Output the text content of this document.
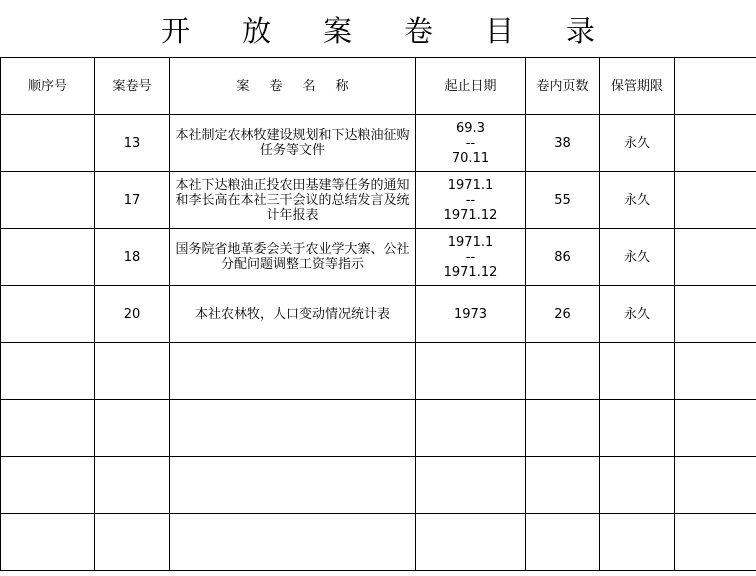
开放案卷目录
顺序号	案卷号	案卷名称	起止日期	卷内页数	保管期限	
	13	本社制定农林牧建设规划和下达粮油征购任务等文件	69.3
--
70.11	38	永久	
	17	本社下达粮油正投农田基建等任务的通知和李长高在本社三干会议的总结发言及统计年报表	1971.1
--
1971.12	55	永久	
	18	国务院省地革委会关于农业学大寨、公社分配问题调整工资等指示	1971.1
--
1971.12	86	永久	
	20	本社农林牧，人口变动情况统计表	1973	26	永久	
